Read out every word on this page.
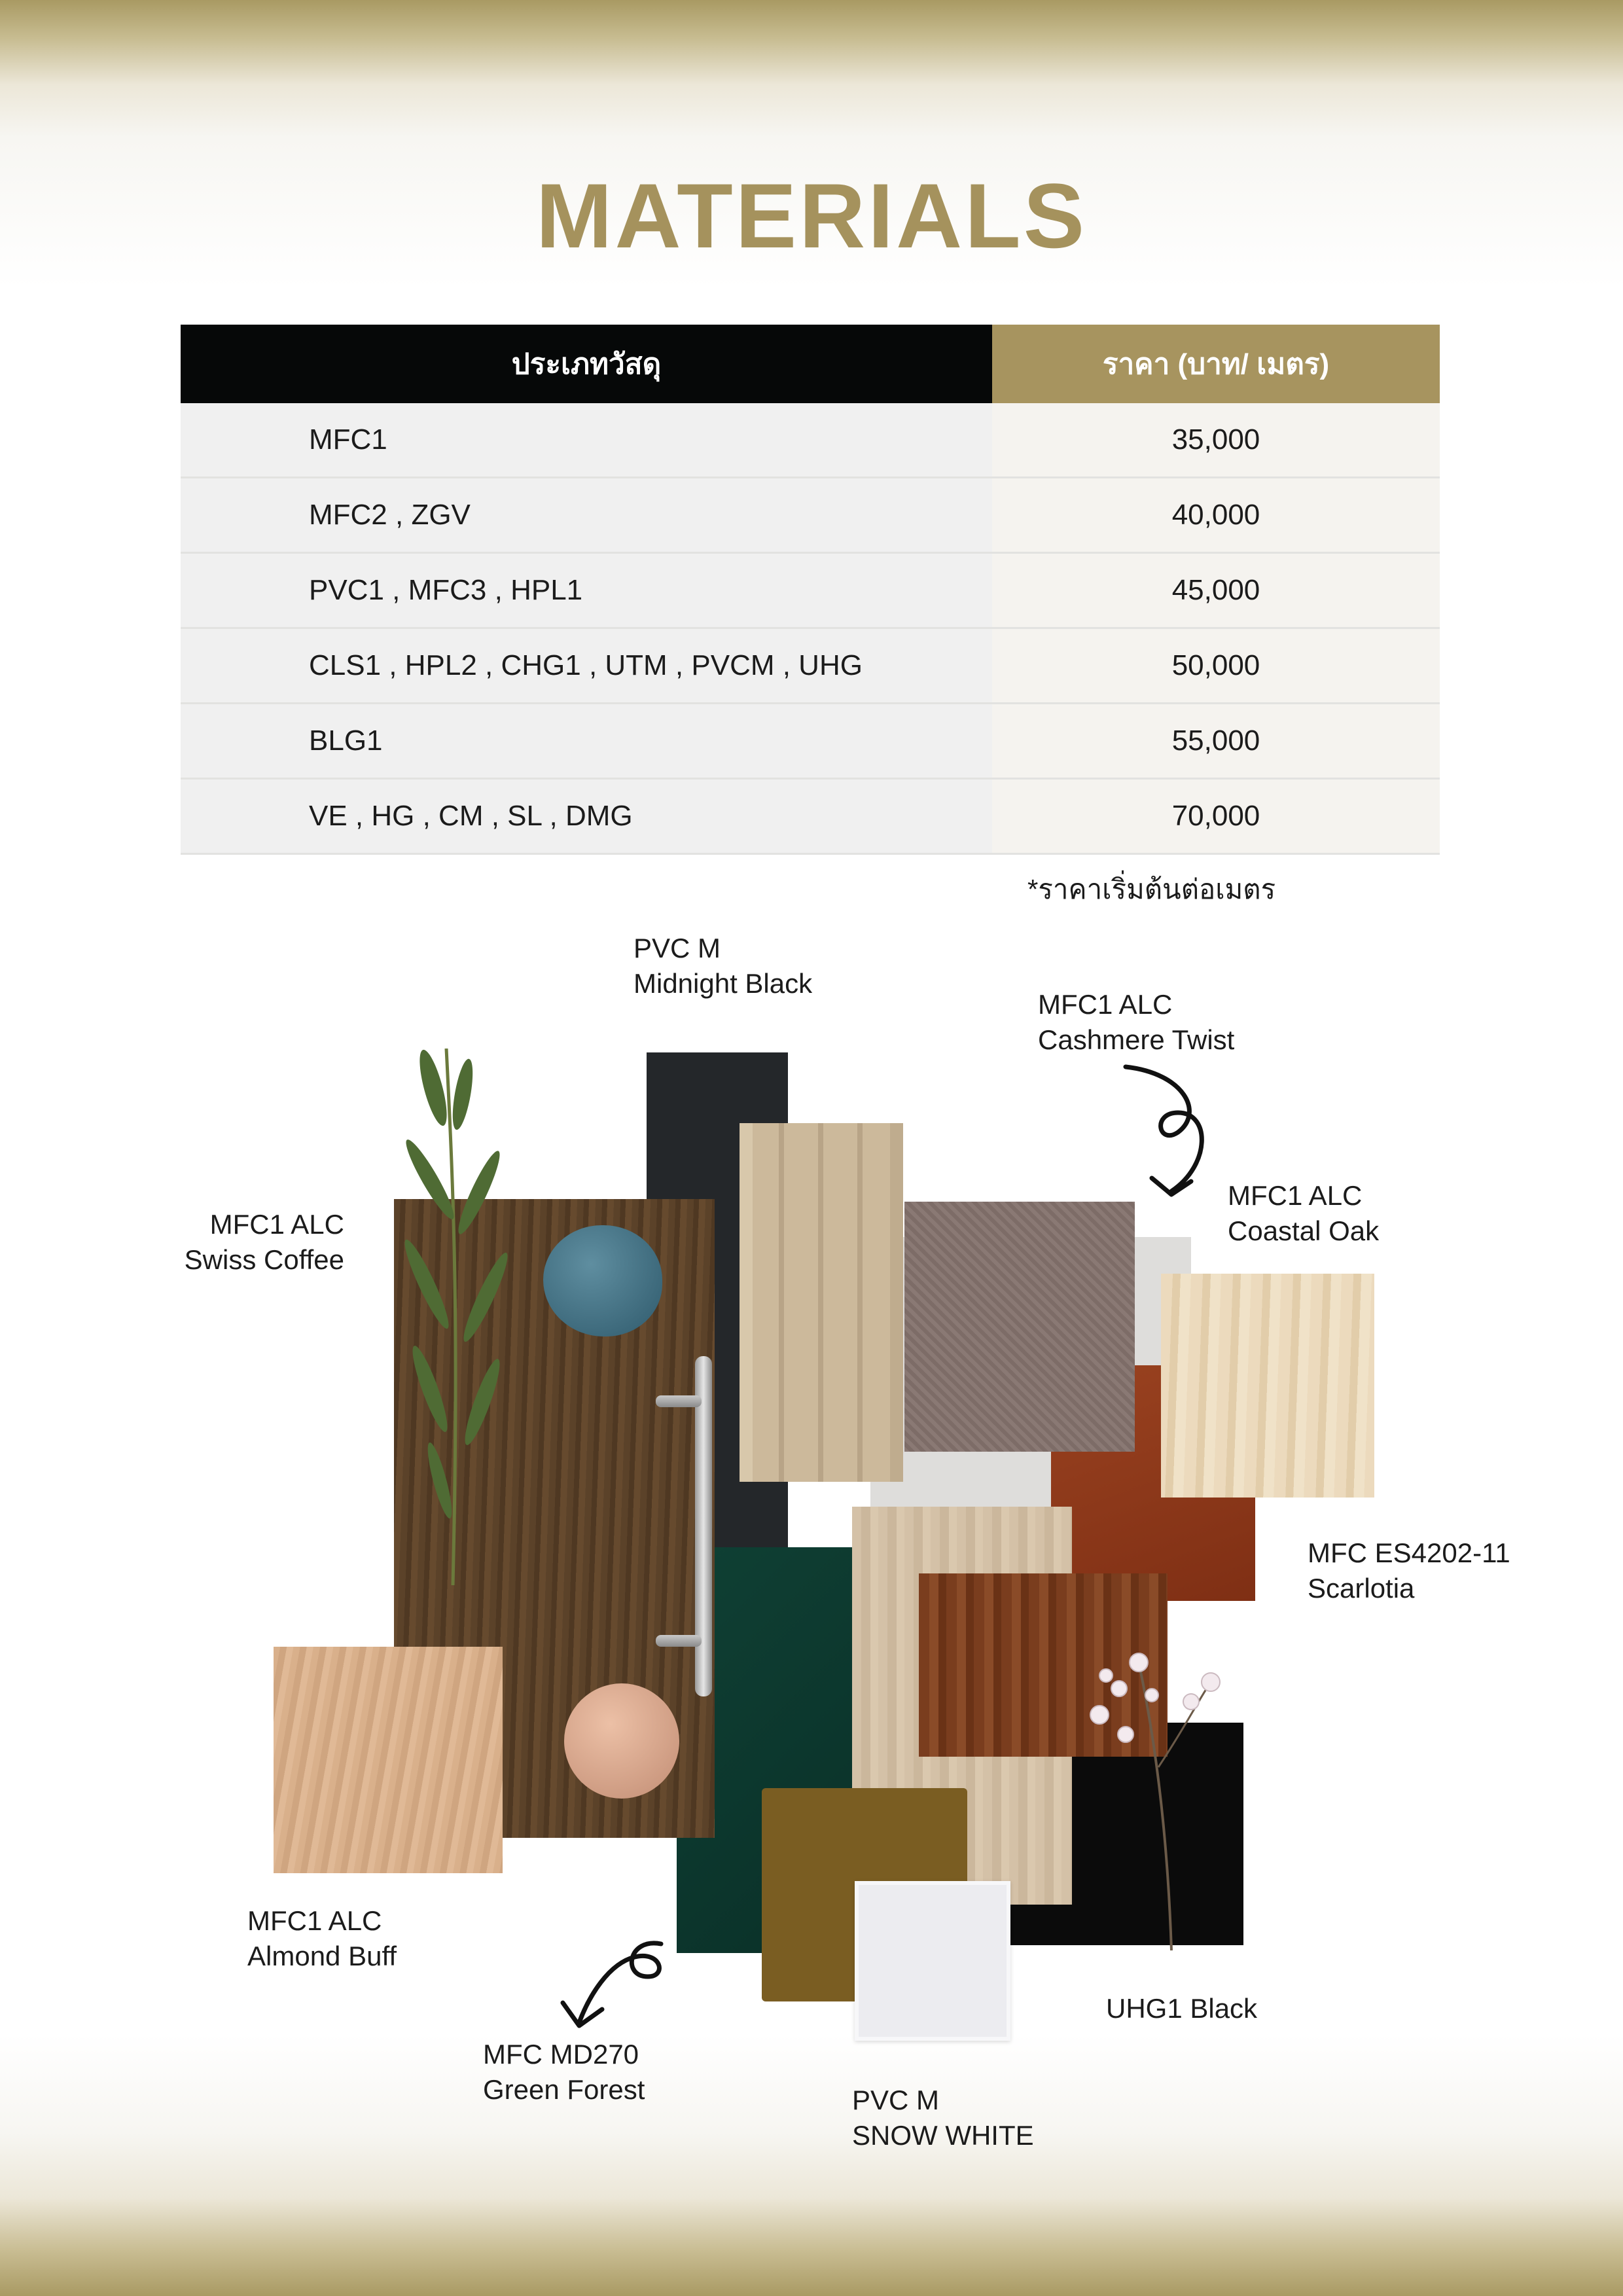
MATERIALS
ประเภทวัสดุ	ราคา (บาท/ เมตร)
MFC1	35,000
MFC2 , ZGV	40,000
PVC1 , MFC3 , HPL1	45,000
CLS1 , HPL2 , CHG1 , UTM , PVCM , UHG	50,000
BLG1	55,000
VE , HG , CM , SL , DMG	70,000
*ราคาเริ่มต้นต่อเมตร
PVC M
Midnight Black
MFC1 ALC
Cashmere Twist
MFC1 ALC
Swiss Coffee
MFC1 ALC
Coastal Oak
MFC ES4202-11
Scarlotia
MFC1 ALC
Almond Buff
MFC MD270
Green Forest
UHG1 Black
PVC M
SNOW WHITE
